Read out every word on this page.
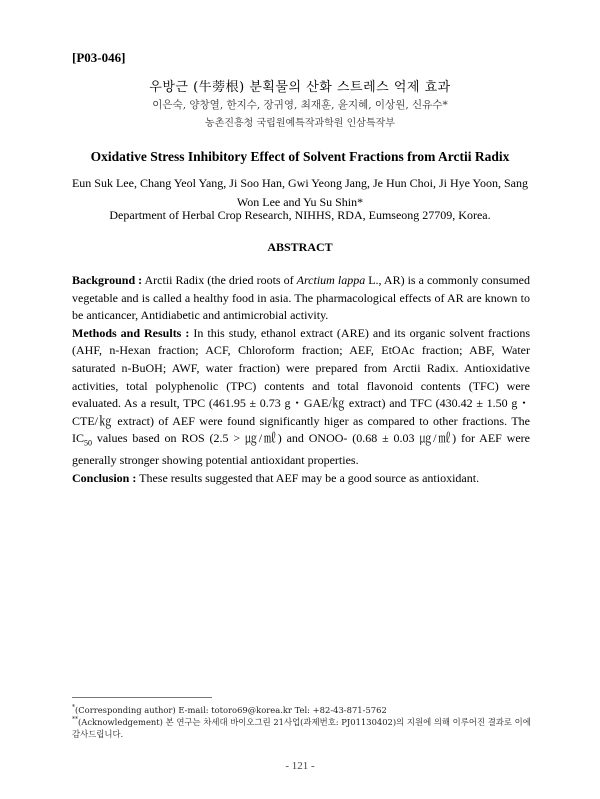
[P03-046]
우방근 (牛蒡根) 분획물의 산화 스트레스 억제 효과
이은숙, 양창열, 한지수, 장귀영, 최재훈, 윤지혜, 이상원, 신유수*
농촌진흥청 국립원예특작과학원 인삼특작부
Oxidative Stress Inhibitory Effect of Solvent Fractions from Arctii Radix
Eun Suk Lee, Chang Yeol Yang, Ji Soo Han, Gwi Yeong Jang, Je Hun Choi, Ji Hye Yoon, Sang Won Lee and Yu Su Shin*
Department of Herbal Crop Research, NIHHS, RDA, Eumseong 27709, Korea.
ABSTRACT

Background : Arctii Radix (the dried roots of Arctium lappa L., AR) is a commonly consumed vegetable and is called a healthy food in asia. The pharmacological effects of AR are known to be anticancer, Antidiabetic and antimicrobial activity.

Methods and Results : In this study, ethanol extract (ARE) and its organic solvent fractions (AHF, n-Hexan fraction; ACF, Chloroform fraction; AEF, EtOAc fraction; ABF, Water saturated n-BuOH; AWF, water fraction) were prepared from Arctii Radix. Antioxidative activities, total polyphenolic (TPC) contents and total flavonoid contents (TFC) were evaluated. As a result, TPC (461.95 ± 0.73 g・GAE/㎏ extract) and TFC (430.42 ± 1.50 g・CTE/㎏ extract) of AEF were found significantly higer as compared to other fractions. The $IC_{50}$ values based on ROS (2.5 > ㎍/㎖) and ONOO- (0.68 ± 0.03 ㎍/㎖) for AEF were generally stronger showing potential antioxidant properties.

Conclusion : These results suggested that AEF may be a good source as antioxidant.

*(Corresponding author) E-mail: totoro69@korea.kr Tel: +82-43-871-5762
**(Acknowledgement) 본 연구는 차세대 바이오그린 21사업(과제번호: PJ01130402)의 지원에 의해 이루어진 결과로 이에 감사드립니다.
- 121 -
